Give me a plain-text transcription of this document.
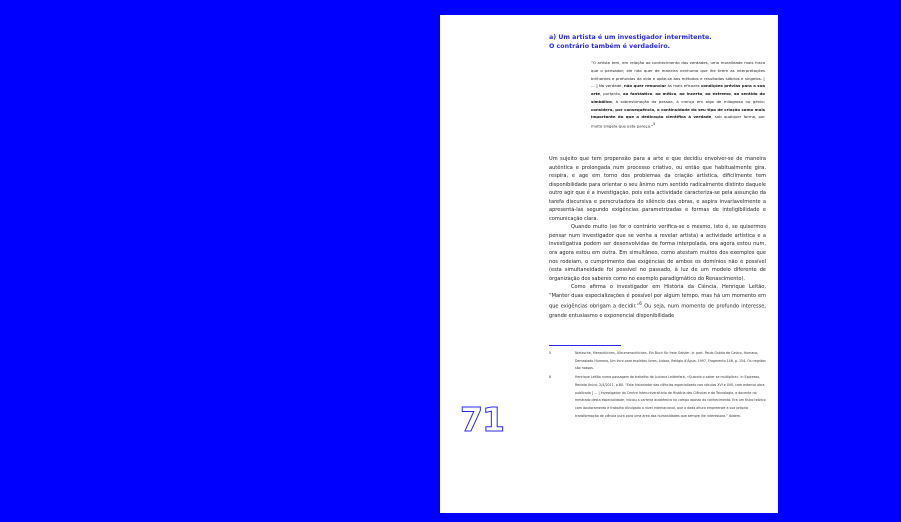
a) Um artista é um investigador intermitente.
O contrário também é verdadeiro.

“O artista tem, em relação ao conhecimento das verdades, uma moralidade mais fraca que o pensador; ele não quer de maneira nenhuma que lhe tirem as interpretações brilhantes e profundas da vida e opõe-se aos métodos e resultados sóbrios e singelos. [ ... ] Na verdade, não quer renunciar às mais eficazes condições prévias para a sua arte, portanto, ao fantástico, ao mítico, ao incerto, ao extremo, ao sentido do simbólico, à sobrestimação da pessoa, à crença em algo de milagroso no génio: considera, por consequência, a continuidade do seu tipo de criação como mais importante do que a dedicação científica à verdade, sob qualquer forma, por muito singela que esta pareça.”$^5$

Um sujeito que tem propensão para a arte e que decidiu envolver-se de maneira autêntica e prolongada num processo criativo, ou então que habitualmente gira, respira, e age em torno dos problemas da criação artística, dificilmente tem disponibilidade para orientar o seu ânimo num sentido radicalmente distinto daquele outro agir que é a investigação, pois esta actividade caracteriza-se pela assunção da tarefa discursiva e perscrutadora do silêncio das obras, e aspira invariavelmente a apresentá-las segundo exigências parametrizadas e formas de inteligibilidade e comunicação clara.

Quando muito (se for o contrário verifica-se o mesmo, isto é, se quisermos pensar num investigador que se venha a revelar artista) a actividade artística e a investigativa podem ser desenvolvidas de forma interpolada, ora agora estou num, ora agora estou em outra. Em simultâneo, como atestam muitos dos exemplos que nos rodeiam, o cumprimento das exigências de ambos os domínios não é possível (esta simultaneidade foi possível no passado, à luz de um modelo diferente de organização dos saberes como no exemplo paradigmático do Renascimento).

Como afirma o investigador em História da Ciência, Henrique Leitão, “Manter duas especializações é possível por algum tempo, mas há um momento em que exigências obrigam a decidir.”$^6$ Ou seja, num momento de profundo interesse, grande entusiasmo e exponencial disponibilidade

5	Nietzsche, Menschliches, Allzumenschliches. Ein Buch für freie Geister, tr. port. Paulo Osório de Castro, Humano, Demasiado Humano. Um livro para espíritos livres, Lisboa, Relógio d’Água, 1997, Fragmento 146, p. 154. Os negritos são nossos.
6	Henrique Leitão numa passagem do trabalho de Luciana Leiderfarb, «Quando o saber se multiplica», in Expresso, Revista Única, 2/4/2011, p.60. “Este historiador das ciências especializado nos séculos XVI e XVII, com extensa obra publicada [ ... ] investigador do Centro Interuniversitário de História das Ciências e da Tecnologia, e docente no mestrado desta especialidade, iniciou a carreira académica no campo oposto do conhecimento. Era um físico teórico com doutoramento e trabalho divulgado a nível internacional, que a dada altura empreende a sua própria transformação de ciência pura para uma área das humanidades que sempre lhe interessara.” Ibidem.
71
